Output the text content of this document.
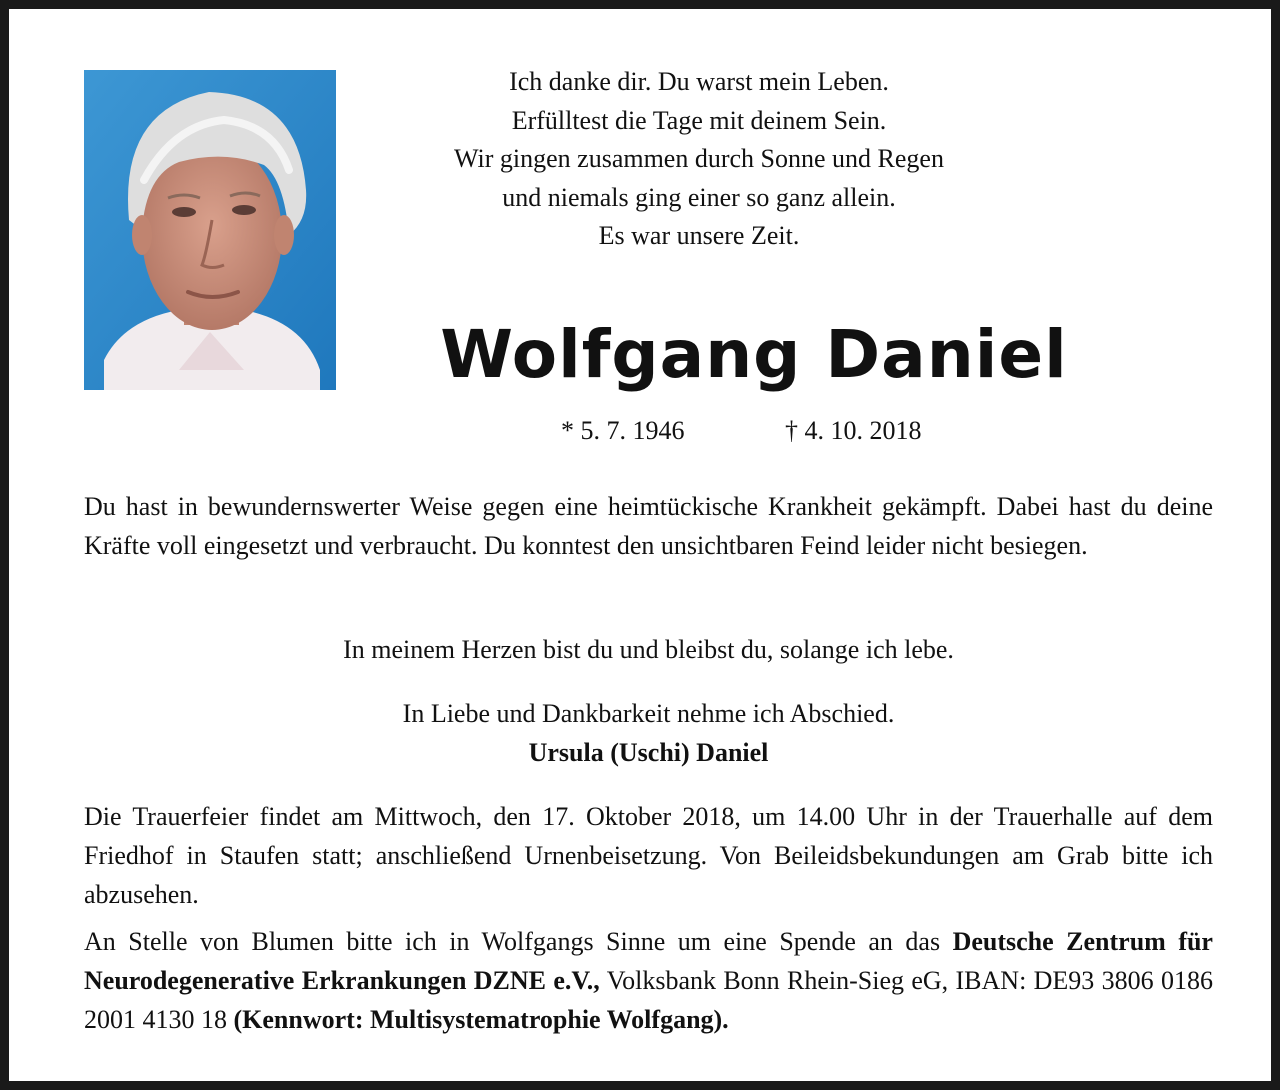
Ich danke dir. Du warst mein Leben.
Erfülltest die Tage mit deinem Sein.
Wir gingen zusammen durch Sonne und Regen
und niemals ging einer so ganz allein.
Es war unsere Zeit.
Wolfgang Daniel
* 5. 7. 1946	† 4. 10. 2018
Du hast in bewundernswerter Weise gegen eine heimtückische Krankheit gekämpft. Dabei hast du deine Kräfte voll eingesetzt und verbraucht. Du konntest den unsichtbaren Feind leider nicht besiegen.
In meinem Herzen bist du und bleibst du, solange ich lebe.
In Liebe und Dankbarkeit nehme ich Abschied.
Ursula (Uschi) Daniel
Die Trauerfeier findet am Mittwoch, den 17. Oktober 2018, um 14.00 Uhr in der Trauerhalle auf dem Friedhof in Staufen statt; anschließend Urnenbeisetzung. Von Beileidsbekundungen am Grab bitte ich abzusehen.
An Stelle von Blumen bitte ich in Wolfgangs Sinne um eine Spende an das Deutsche Zentrum für Neurodegenerative Erkrankungen DZNE e.V., Volksbank Bonn Rhein-Sieg eG, IBAN: DE93 3806 0186 2001 4130 18 (Kennwort: Multisystematrophie Wolfgang).
